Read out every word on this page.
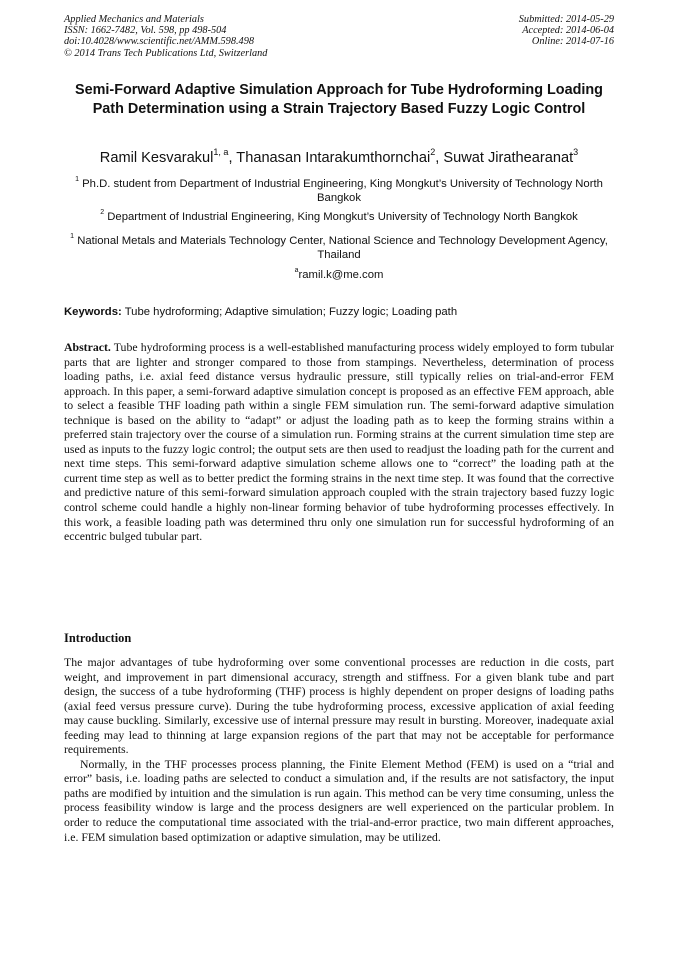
Applied Mechanics and Materials
ISSN: 1662-7482, Vol. 598, pp 498-504
doi:10.4028/www.scientific.net/AMM.598.498
© 2014 Trans Tech Publications Ltd, Switzerland
Submitted: 2014-05-29
Accepted: 2014-06-04
Online: 2014-07-16
Semi-Forward Adaptive Simulation Approach for Tube Hydroforming Loading Path Determination using a Strain Trajectory Based Fuzzy Logic Control
Ramil Kesvarakul$^{1, a}$, Thanasan Intarakumthornchai$^2$, Suwat Jirathearanat$^3$
$^1$ Ph.D. student from Department of Industrial Engineering, King Mongkut’s University of Technology North Bangkok
$^2$ Department of Industrial Engineering, King Mongkut’s University of Technology North Bangkok
$^1$ National Metals and Materials Technology Center, National Science and Technology Development Agency, Thailand
$^a$ramil.k@me.com
Keywords: Tube hydroforming; Adaptive simulation; Fuzzy logic; Loading path
Abstract. Tube hydroforming process is a well-established manufacturing process widely employed to form tubular parts that are lighter and stronger compared to those from stampings. Nevertheless, determination of process loading paths, i.e. axial feed distance versus hydraulic pressure, still typically relies on trial-and-error FEM approach. In this paper, a semi-forward adaptive simulation concept is proposed as an effective FEM approach, able to select a feasible THF loading path within a single FEM simulation run. The semi-forward adaptive simulation technique is based on the ability to “adapt” or adjust the loading path as to keep the forming strains within a preferred stain trajectory over the course of a simulation run. Forming strains at the current simulation time step are used as inputs to the fuzzy logic control; the output sets are then used to readjust the loading path for the current and next time steps. This semi-forward adaptive simulation scheme allows one to “correct” the loading path at the current time step as well as to better predict the forming strains in the next time step. It was found that the corrective and predictive nature of this semi-forward simulation approach coupled with the strain trajectory based fuzzy logic control scheme could handle a highly non-linear forming behavior of tube hydroforming processes effectively. In this work, a feasible loading path was determined thru only one simulation run for successful hydroforming of an eccentric bulged tubular part.
Introduction

The major advantages of tube hydroforming over some conventional processes are reduction in die costs, part weight, and improvement in part dimensional accuracy, strength and stiffness. For a given blank tube and part design, the success of a tube hydroforming (THF) process is highly dependent on proper designs of loading paths (axial feed versus pressure curve). During the tube hydroforming process, excessive application of axial feeding may cause buckling. Similarly, excessive use of internal pressure may result in bursting. Moreover, inadequate axial feeding may lead to thinning at large expansion regions of the part that may not be acceptable for performance requirements.

Normally, in the THF processes process planning, the Finite Element Method (FEM) is used on a “trial and error” basis, i.e. loading paths are selected to conduct a simulation and, if the results are not satisfactory, the input paths are modified by intuition and the simulation is run again. This method can be very time consuming, unless the process feasibility window is large and the process designers are well experienced on the particular problem. In order to reduce the computational time associated with the trial-and-error practice, two main different approaches, i.e. FEM simulation based optimization or adaptive simulation, may be utilized.
